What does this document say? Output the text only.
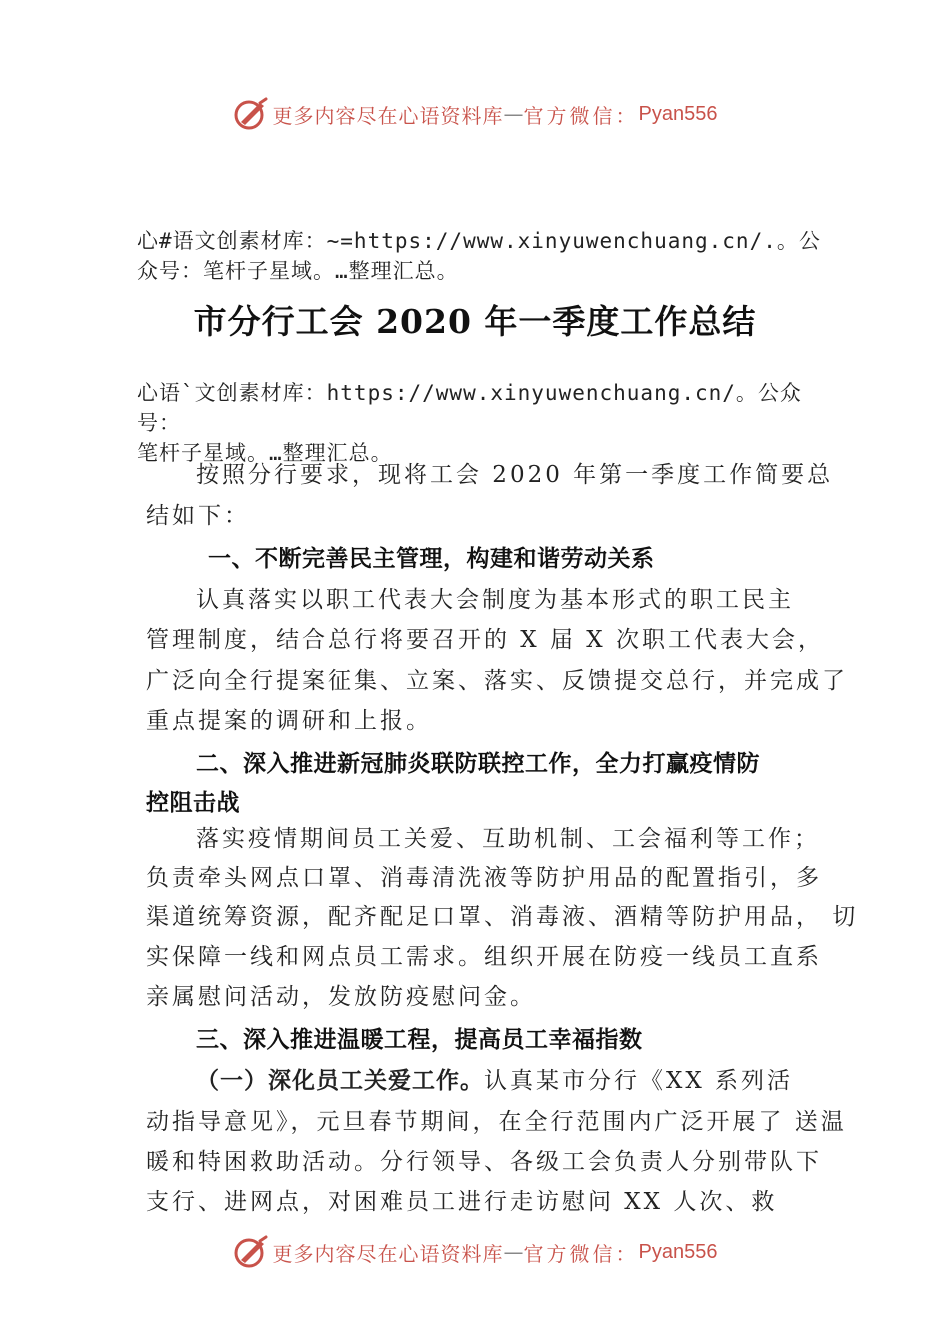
更多内容尽在心语资料库 — 官方微信： Pyan556
心#语文创素材库：~=https://www.xinyuwenchuang.cn/.。公
众号：笔杆子星域。…整理汇总。
市分行工会 2020 年一季度工作总结
心语`文创素材库：https://www.xinyuwenchuang.cn/。公众号：
笔杆子星域。…整理汇总。
按照分行要求，现将工会 2020 年第一季度工作简要总
结如下：
一、不断完善民主管理，构建和谐劳动关系
认真落实以职工代表大会制度为基本形式的职工民主
管理制度，结合总行将要召开的 X 届 X 次职工代表大会，
广泛向全行提案征集、立案、落实、反馈提交总行，并完成了
重点提案的调研和上报。
二、深入推进新冠肺炎联防联控工作，全力打赢疫情防
控阻击战
落实疫情期间员工关爱、互助机制、工会福利等工作；
负责牵头网点口罩、消毒清洗液等防护用品的配置指引，多
渠道统筹资源，配齐配足口罩、消毒液、酒精等防护用品， 切
实保障一线和网点员工需求。组织开展在防疫一线员工直系
亲属慰问活动，发放防疫慰问金。
三、深入推进温暖工程，提高员工幸福指数
（一）深化员工关爱工作。认真某市分行《XX 系列活
动指导意见》，元旦春节期间，在全行范围内广泛开展了 送温
暖和特困救助活动。分行领导、各级工会负责人分别带队下
支行、进网点，对困难员工进行走访慰问 XX 人次、救
更多内容尽在心语资料库 — 官方微信： Pyan556
